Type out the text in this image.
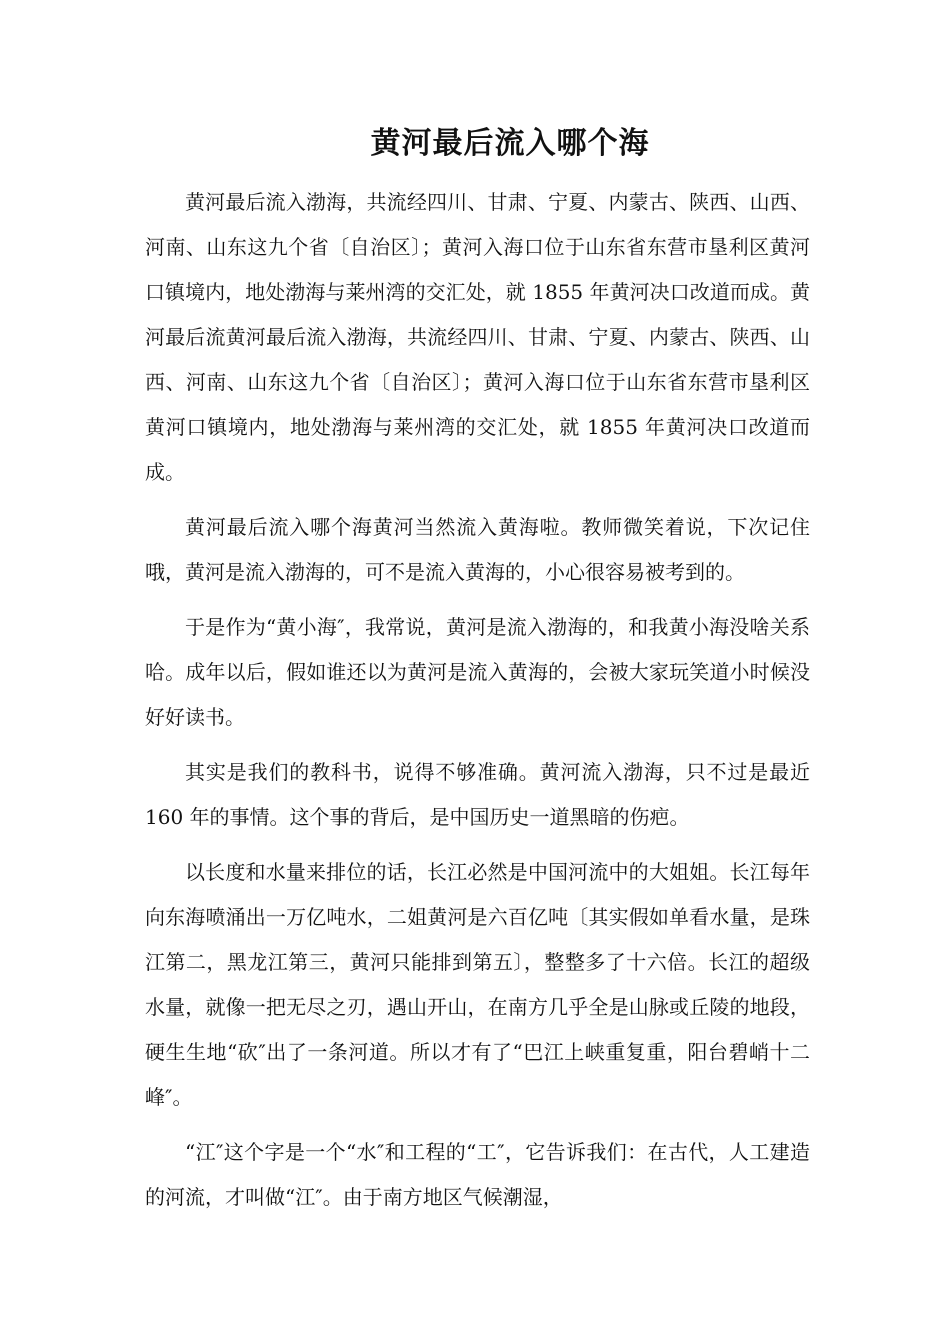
黄河最后流入哪个海

黄河最后流入渤海，共流经四川、甘肃、宁夏、内蒙古、陕西、山西、河南、山东这九个省〔自治区〕；黄河入海口位于山东省东营市垦利区黄河口镇境内，地处渤海与莱州湾的交汇处，就 1855 年黄河决口改道而成。黄河最后流黄河最后流入渤海，共流经四川、甘肃、宁夏、内蒙古、陕西、山西、河南、山东这九个省〔自治区〕；黄河入海口位于山东省东营市垦利区黄河口镇境内，地处渤海与莱州湾的交汇处，就 1855 年黄河决口改道而成。

黄河最后流入哪个海黄河当然流入黄海啦。教师微笑着说，下次记住哦，黄河是流入渤海的，可不是流入黄海的，小心很容易被考到的。

于是作为“黄小海″，我常说，黄河是流入渤海的，和我黄小海没啥关系哈。成年以后，假如谁还以为黄河是流入黄海的，会被大家玩笑道小时候没好好读书。

其实是我们的教科书，说得不够准确。黄河流入渤海，只不过是最近 160 年的事情。这个事的背后，是中国历史一道黑暗的伤疤。

以长度和水量来排位的话，长江必然是中国河流中的大姐姐。长江每年向东海喷涌出一万亿吨水，二姐黄河是六百亿吨〔其实假如单看水量，是珠江第二，黑龙江第三，黄河只能排到第五〕，整整多了十六倍。长江的超级水量，就像一把无尽之刃，遇山开山，在南方几乎全是山脉或丘陵的地段，硬生生地“砍″出了一条河道。所以才有了“巴江上峡重复重，阳台碧峭十二峰″。

“江″这个字是一个“水″和工程的“工″，它告诉我们：在古代，人工建造的河流，才叫做“江″。由于南方地区气候潮湿，
